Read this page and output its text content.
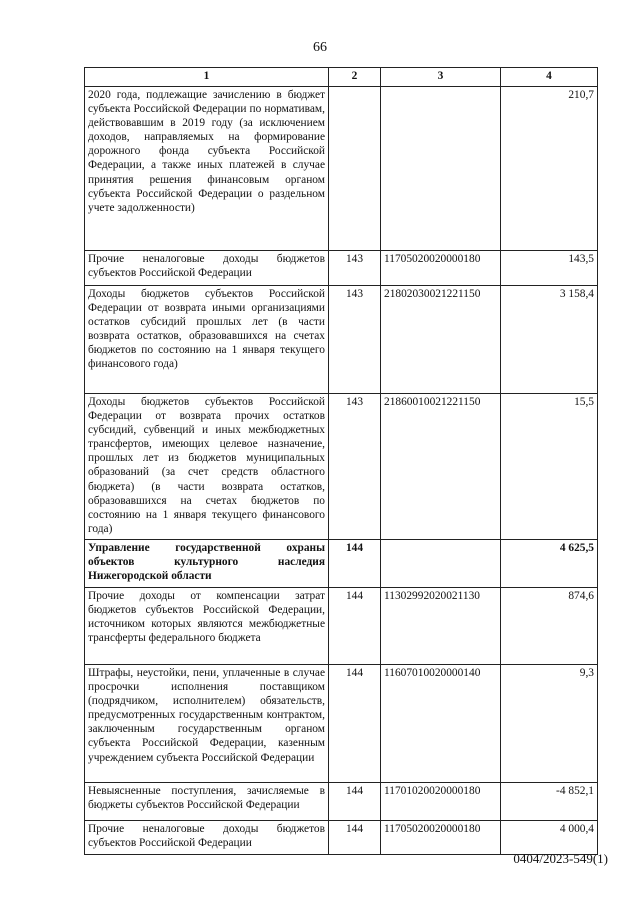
66
1	2	3	4
2020 года, подлежащие зачислению в бюджет субъекта Российской Федерации по нормативам, действовавшим в 2019 году (за исключением доходов, направляемых на формирование дорожного фонда субъекта Российской Федерации, а также иных платежей в случае принятия решения финансовым органом субъекта Российской Федерации о раздельном учете задолженности)			210,7
Прочие неналоговые доходы бюджетов субъектов Российской Федерации	143	11705020020000180	143,5
Доходы бюджетов субъектов Российской Федерации от возврата иными организациями остатков субсидий прошлых лет (в части возврата остатков, образовавшихся на счетах бюджетов по состоянию на 1 января текущего финансового года)	143	21802030021221150	3 158,4
Доходы бюджетов субъектов Российской Федерации от возврата прочих остатков субсидий, субвенций и иных межбюджетных трансфертов, имеющих целевое назначение, прошлых лет из бюджетов муниципальных образований (за счет средств областного бюджета) (в части возврата остатков, образовавшихся на счетах бюджетов по состоянию на 1 января текущего финансового года)	143	21860010021221150	15,5
Управление государственной охраны объектов культурного наследия Нижегородской области	144		4 625,5
Прочие доходы от компенсации затрат бюджетов субъектов Российской Федерации, источником которых являются межбюджетные трансферты федерального бюджета	144	11302992020021130	874,6
Штрафы, неустойки, пени, уплаченные в случае просрочки исполнения поставщиком (подрядчиком, исполнителем) обязательств, предусмотренных государственным контрактом, заключенным государственным органом субъекта Российской Федерации, казенным учреждением субъекта Российской Федерации	144	11607010020000140	9,3
Невыясненные поступления, зачисляемые в бюджеты субъектов Российской Федерации	144	11701020020000180	-4 852,1
Прочие неналоговые доходы бюджетов субъектов Российской Федерации	144	11705020020000180	4 000,4
0404/2023-549(1)
